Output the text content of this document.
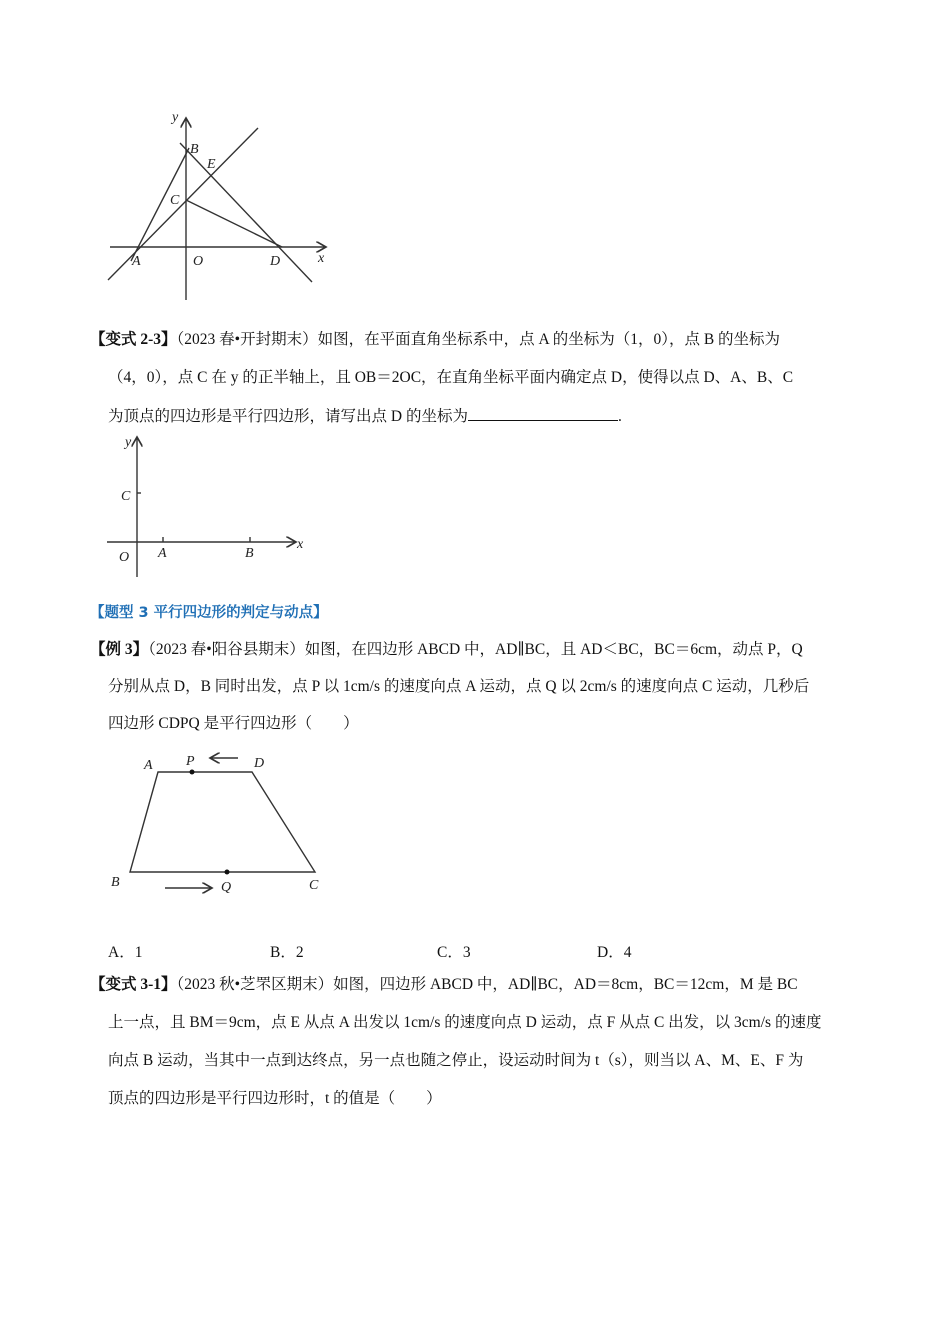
y
x
B
E
C
A	O	D
y
x
C
O A	B
A P	D
B	Q	C
【变式 2-3】（2023 春•开封期末）如图，在平面直角坐标系中，点 A 的坐标为（1，0），点 B 的坐标为
（4，0），点 C 在 y 的正半轴上，且 OB＝2OC，在直角坐标平面内确定点 D，使得以点 D、A、B、C
为顶点的四边形是平行四边形，请写出点 D 的坐标为	.
【题型 3 平行四边形的判定与动点】
【例 3】（2023 春•阳谷县期末）如图，在四边形 ABCD 中，AD∥BC，且 AD＜BC，BC＝6cm，动点 P，Q
分别从点 D，B 同时出发，点 P 以 1cm/s 的速度向点 A 运动，点 Q 以 2cm/s 的速度向点 C 运动，几秒后
四边形 CDPQ 是平行四边形（　　）
A．1	B．2	C．3	D．4
【变式 3-1】（2023 秋•芝罘区期末）如图，四边形 ABCD 中，AD∥BC，AD＝8cm，BC＝12cm，M 是 BC
上一点，且 BM＝9cm，点 E 从点 A 出发以 1cm/s 的速度向点 D 运动，点 F 从点 C 出发，以 3cm/s 的速度
向点 B 运动，当其中一点到达终点，另一点也随之停止，设运动时间为 t（s），则当以 A、M、E、F 为
顶点的四边形是平行四边形时，t 的值是（　　）
